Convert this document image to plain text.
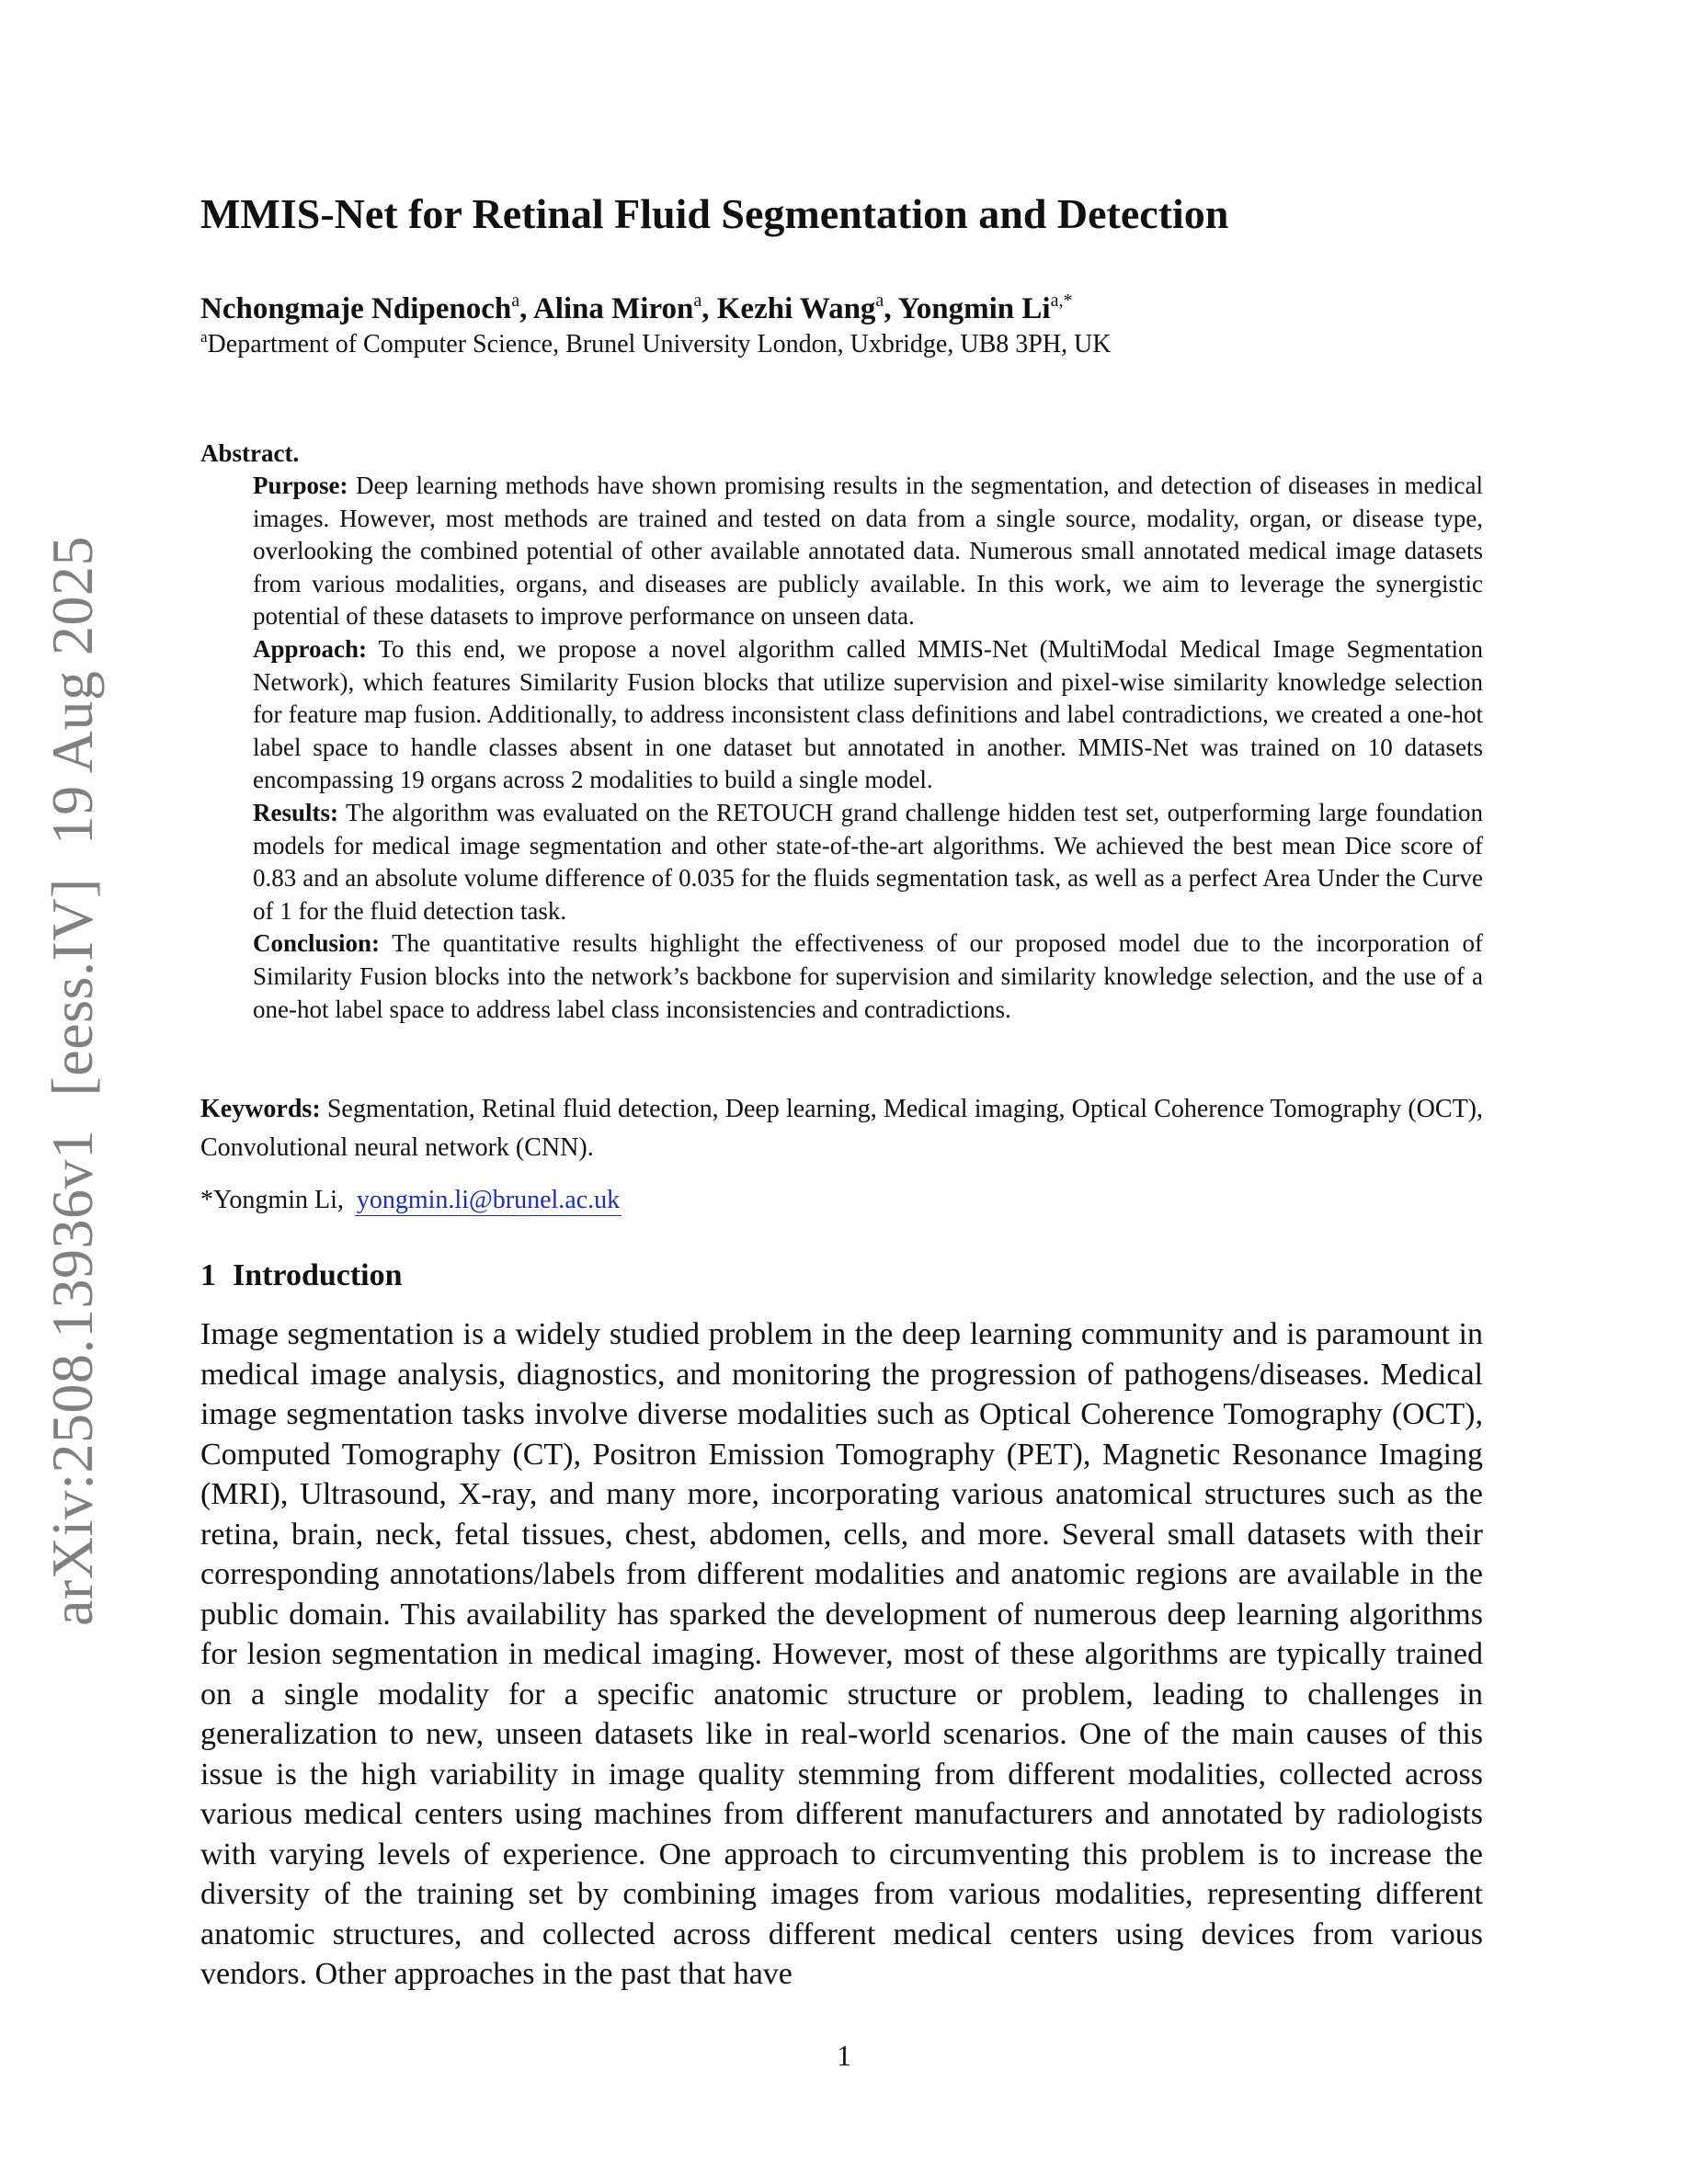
arXiv:2508.13936v1[eess.IV]19 Aug 2025
MMIS-Net for Retinal Fluid Segmentation and Detection
Nchongmaje Ndipenoch$^a$, Alina Miron$^a$, Kezhi Wang$^a$, Yongmin $Li^{a,*}$
$^a$Department of Computer Science, Brunel University London, Uxbridge, UB8 3PH, UK
Abstract.

Purpose: Deep learning methods have shown promising results in the segmentation, and detection of diseases in medical images. However, most methods are trained and tested on data from a single source, modality, organ, or disease type, overlooking the combined potential of other available annotated data. Numerous small annotated medical image datasets from various modalities, organs, and diseases are publicly available. In this work, we aim to leverage the synergistic potential of these datasets to improve performance on unseen data.

Approach: To this end, we propose a novel algorithm called MMIS-Net (MultiModal Medical Image Segmentation Network), which features Similarity Fusion blocks that utilize supervision and pixel-wise similarity knowledge selection for feature map fusion. Additionally, to address inconsistent class definitions and label contradictions, we created a one-hot label space to handle classes absent in one dataset but annotated in another. MMIS-Net was trained on 10 datasets encompassing 19 organs across 2 modalities to build a single model.

Results: The algorithm was evaluated on the RETOUCH grand challenge hidden test set, outperforming large foundation models for medical image segmentation and other state-of-the-art algorithms. We achieved the best mean Dice score of 0.83 and an absolute volume difference of 0.035 for the fluids segmentation task, as well as a perfect Area Under the Curve of 1 for the fluid detection task.

Conclusion: The quantitative results highlight the effectiveness of our proposed model due to the incorporation of Similarity Fusion blocks into the network’s backbone for supervision and similarity knowledge selection, and the use of a one-hot label space to address label class inconsistencies and contradictions.

Keywords: Segmentation, Retinal fluid detection, Deep learning, Medical imaging, Optical Coherence Tomography (OCT), Convolutional neural network (CNN).

*Yongmin Li, yongmin.li@brunel.ac.uk
1 Introduction

Image segmentation is a widely studied problem in the deep learning community and is paramount in medical image analysis, diagnostics, and monitoring the progression of pathogens/diseases. Medical image segmentation tasks involve diverse modalities such as Optical Coherence Tomography (OCT), Computed Tomography (CT), Positron Emission Tomography (PET), Magnetic Resonance Imaging (MRI), Ultrasound, X-ray, and many more, incorporating various anatomical structures such as the retina, brain, neck, fetal tissues, chest, abdomen, cells, and more. Several small datasets with their corresponding annotations/labels from different modalities and anatomic regions are available in the public domain. This availability has sparked the development of numerous deep learning algorithms for lesion segmentation in medical imaging. However, most of these algorithms are typically trained on a single modality for a specific anatomic structure or problem, leading to challenges in generalization to new, unseen datasets like in real-world scenarios. One of the main causes of this issue is the high variability in image quality stemming from different modalities, collected across various medical centers using machines from different manufacturers and annotated by radiologists with varying levels of experience. One approach to circumventing this problem is to increase the diversity of the training set by combining images from various modalities, representing different anatomic structures, and collected across different medical centers using devices from various vendors. Other approaches in the past that have

1
